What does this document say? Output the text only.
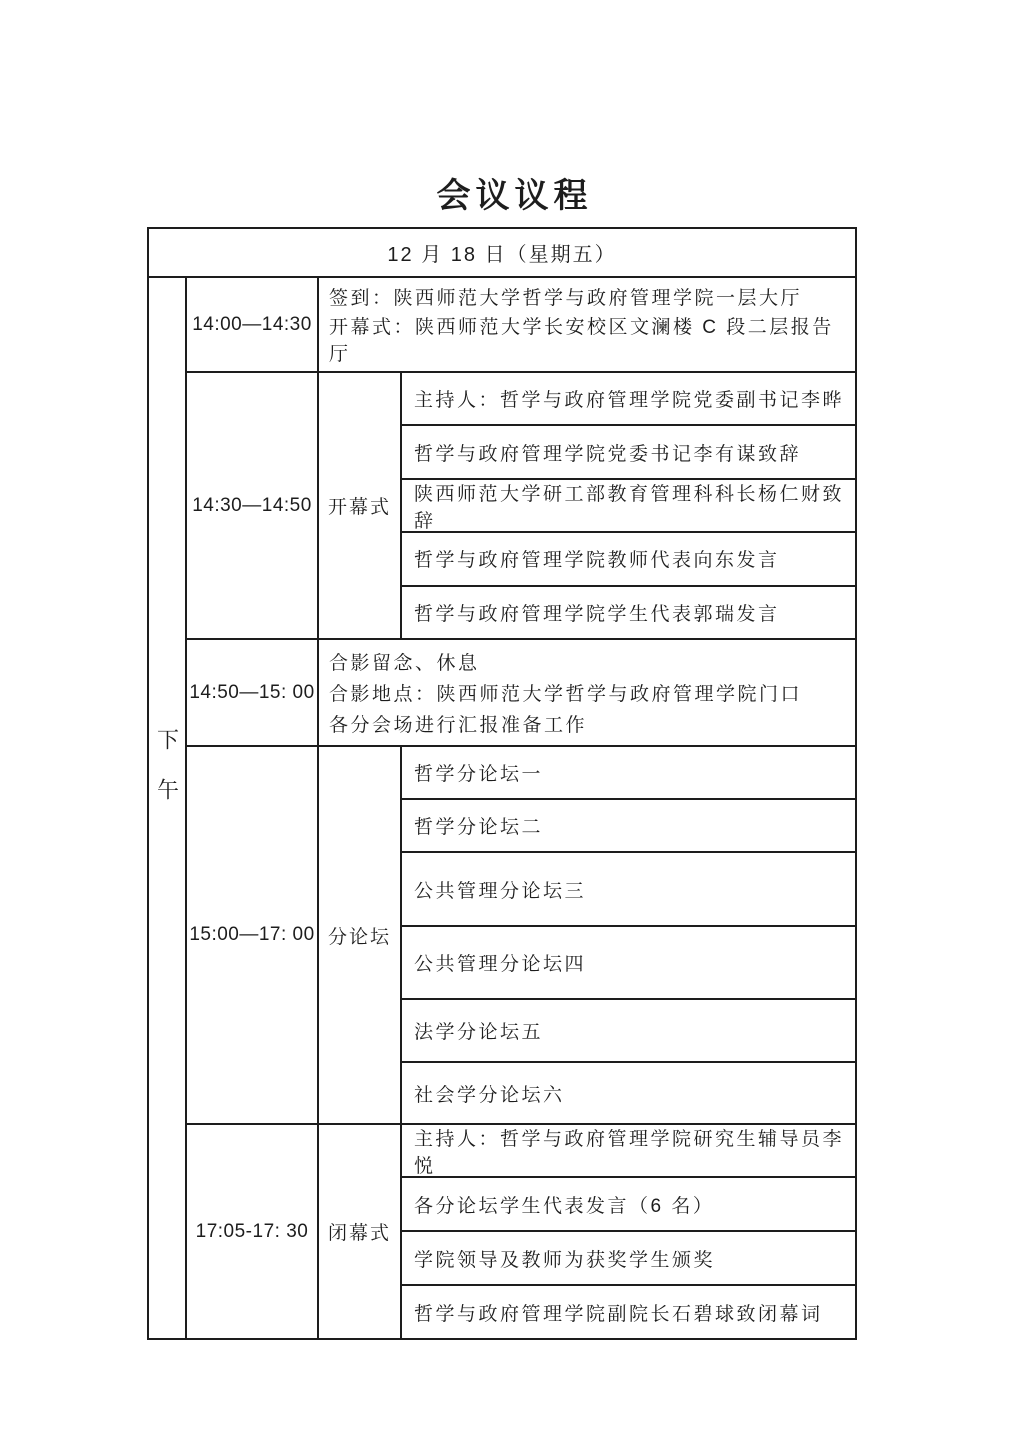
会议议程
12 月 18 日（星期五）
下午
14:00—14:30
签到：陕西师范大学哲学与政府管理学院一层大厅
开幕式：陕西师范大学长安校区文澜楼 C 段二层报告厅
14:30—14:50 开幕式
主持人：哲学与政府管理学院党委副书记李晔
哲学与政府管理学院党委书记李有谋致辞
陕西师范大学研工部教育管理科科长杨仁财致辞
哲学与政府管理学院教师代表向东发言
哲学与政府管理学院学生代表郭瑞发言
14:50—15: 00
合影留念、休息
合影地点：陕西师范大学哲学与政府管理学院门口
各分会场进行汇报准备工作
15:00—17: 00 分论坛
哲学分论坛一
哲学分论坛二
公共管理分论坛三
公共管理分论坛四
法学分论坛五
社会学分论坛六
17:05-17: 30	闭幕式
主持人：哲学与政府管理学院研究生辅导员李悦
各分论坛学生代表发言（6 名）
学院领导及教师为获奖学生颁奖
哲学与政府管理学院副院长石碧球致闭幕词
